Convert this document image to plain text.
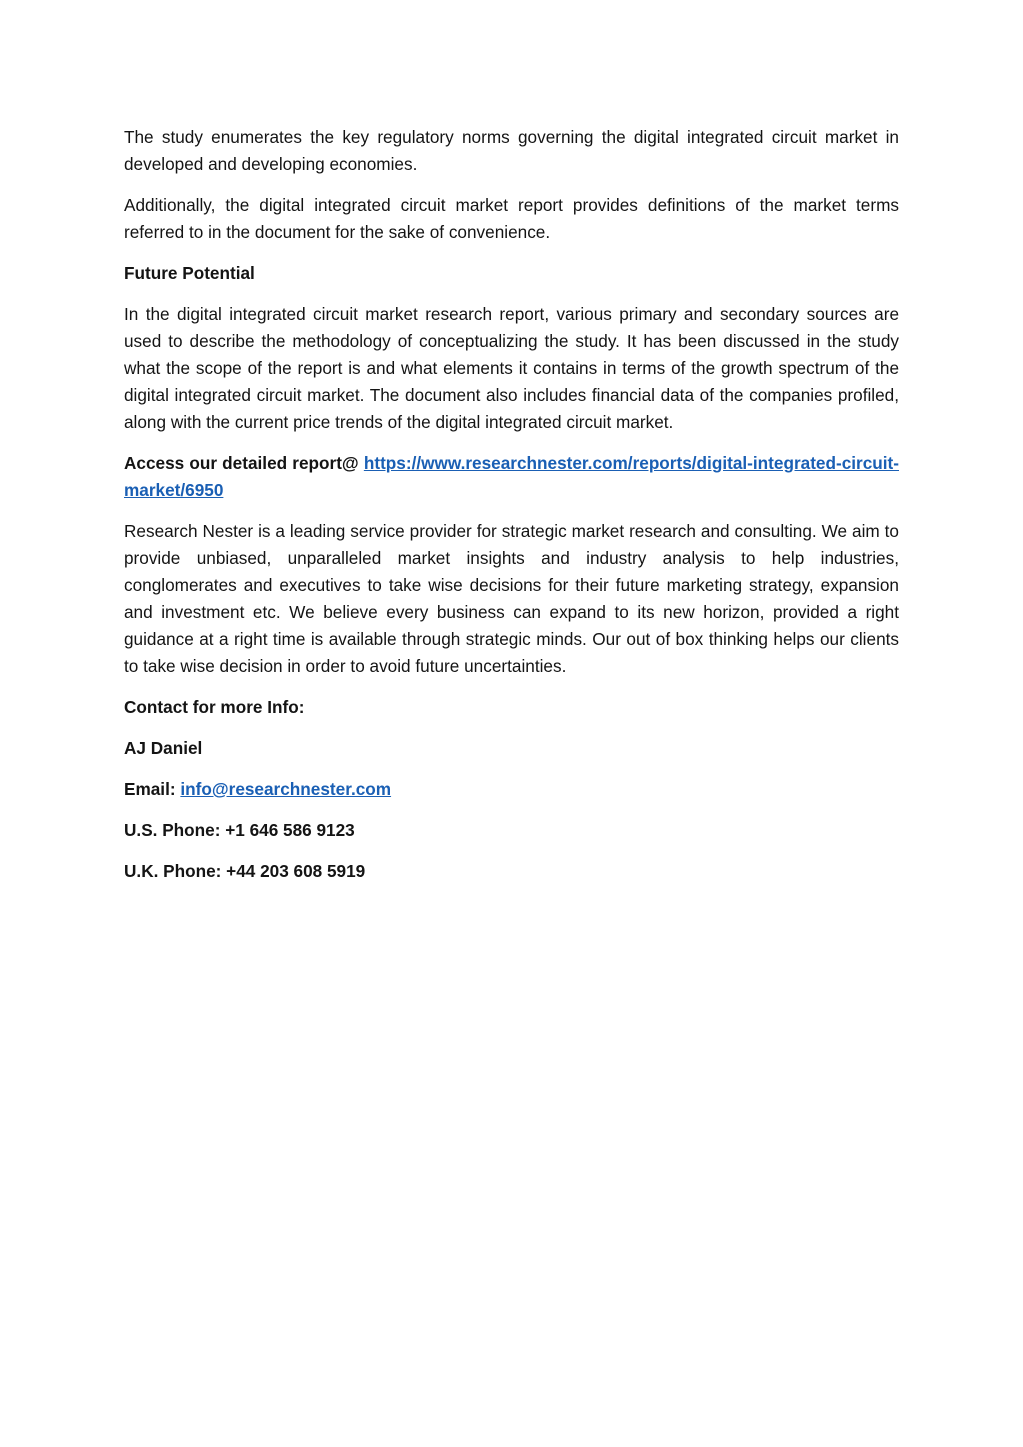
The study enumerates the key regulatory norms governing the digital integrated circuit market in developed and developing economies.

Additionally, the digital integrated circuit market report provides definitions of the market terms referred to in the document for the sake of convenience.

Future Potential

In the digital integrated circuit market research report, various primary and secondary sources are used to describe the methodology of conceptualizing the study. It has been discussed in the study what the scope of the report is and what elements it contains in terms of the growth spectrum of the digital integrated circuit market. The document also includes financial data of the companies profiled, along with the current price trends of the digital integrated circuit market.

Access our detailed report@ https://www.researchnester.com/reports/digital-integrated-circuit-market/6950

Research Nester is a leading service provider for strategic market research and consulting. We aim to provide unbiased, unparalleled market insights and industry analysis to help industries, conglomerates and executives to take wise decisions for their future marketing strategy, expansion and investment etc. We believe every business can expand to its new horizon, provided a right guidance at a right time is available through strategic minds. Our out of box thinking helps our clients to take wise decision in order to avoid future uncertainties.

Contact for more Info:

AJ Daniel

Email: info@researchnester.com

U.S. Phone: +1 646 586 9123

U.K. Phone: +44 203 608 5919
